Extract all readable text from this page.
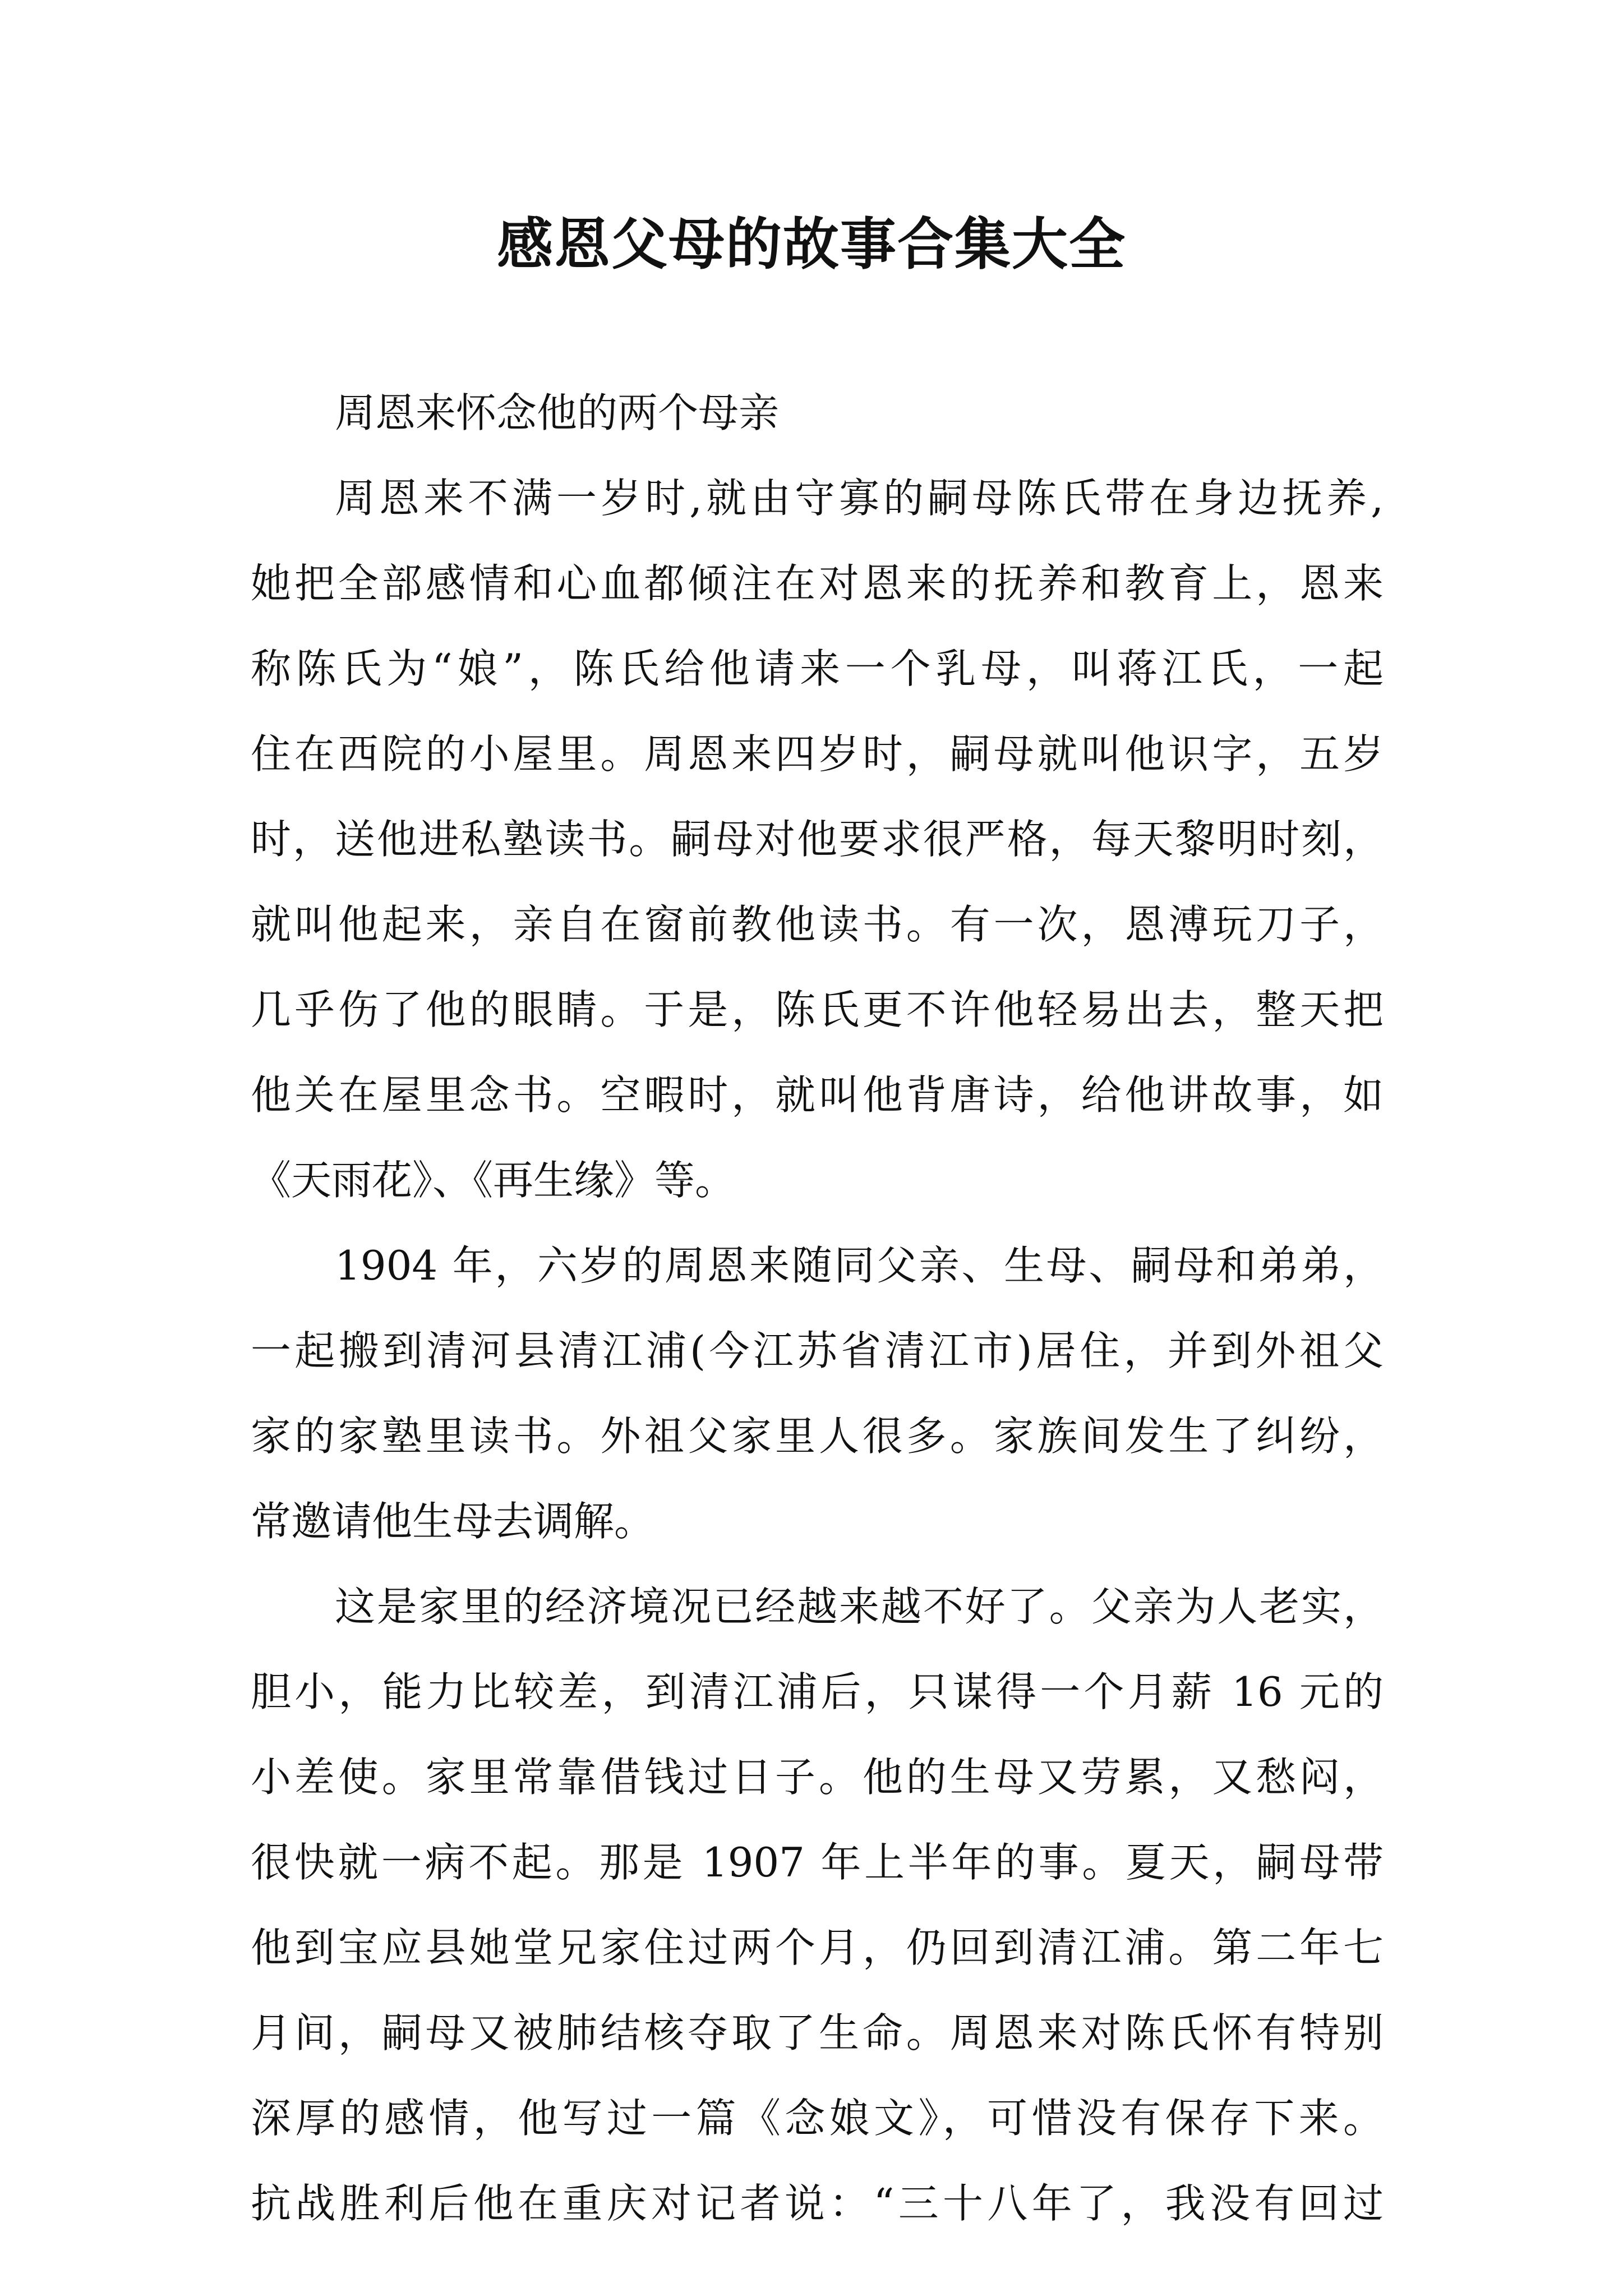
感恩父母的故事合集大全
周恩来怀念他的两个母亲
周恩来不满一岁时,就由守寡的嗣母陈氏带在身边抚养,
她把全部感情和心血都倾注在对恩来的抚养和教育上，恩来
称陈氏为“娘”，陈氏给他请来一个乳母，叫蒋江氏，一起
住在西院的小屋里。周恩来四岁时，嗣母就叫他识字，五岁
时，送他进私塾读书。嗣母对他要求很严格，每天黎明时刻，
就叫他起来，亲自在窗前教他读书。有一次，恩溥玩刀子，
几乎伤了他的眼睛。于是，陈氏更不许他轻易出去，整天把
他关在屋里念书。空暇时，就叫他背唐诗，给他讲故事，如
《天雨花》、《再生缘》等。
1904 年，六岁的周恩来随同父亲、生母、嗣母和弟弟，
一起搬到清河县清江浦(今江苏省清江市)居住，并到外祖父
家的家塾里读书。外祖父家里人很多。家族间发生了纠纷，
常邀请他生母去调解。
这是家里的经济境况已经越来越不好了。父亲为人老实，
胆小，能力比较差，到清江浦后，只谋得一个月薪 16 元的
小差使。家里常靠借钱过日子。他的生母又劳累，又愁闷，
很快就一病不起。那是 1907 年上半年的事。夏天，嗣母带
他到宝应县她堂兄家住过两个月，仍回到清江浦。第二年七
月间，嗣母又被肺结核夺取了生命。周恩来对陈氏怀有特别
深厚的感情，他写过一篇《念娘文》，可惜没有保存下来。
抗战胜利后他在重庆对记者说：“三十八年了，我没有回过
